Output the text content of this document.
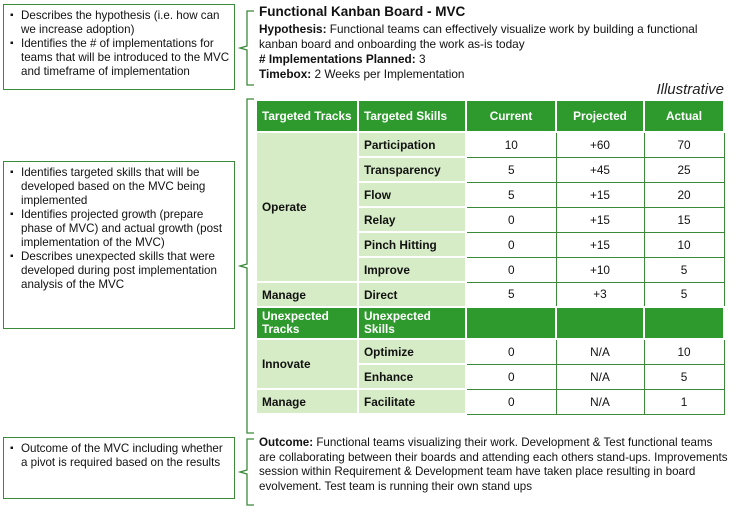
▪ Describes the hypothesis (i.e. how can we increase adoption)
▪ Identifies the # of implementations for teams that will be introduced to the MVC and timeframe of implementation
▪ Identifies targeted skills that will be developed based on the MVC being implemented
▪ Identifies projected growth (prepare phase of MVC) and actual growth (post implementation of the MVC)
▪ Describes unexpected skills that were developed during post implementation analysis of the MVC
▪ Outcome of the MVC including whether a pivot is required based on the results
Functional Kanban Board - MVC
Hypothesis: Functional teams can effectively visualize work by building a functional kanban board and onboarding the work as-is today
# Implementations Planned: 3
Timebox: 2 Weeks per Implementation
Illustrative
Targeted Tracks	Targeted Skills	Current	Projected	Actual
Operate	Participation	10	+60	70
	Transparency	5	+45	25
	Flow	5	+15	20
	Relay	0	+15	15
	Pinch Hitting	0	+15	10
	Improve	0	+10	5
Manage	Direct	5	+3	5
Unexpected Tracks	Unexpected Skills			
Innovate	Optimize	0	N/A	10
	Enhance	0	N/A	5
Manage	Facilitate	0	N/A	1
Outcome: Functional teams visualizing their work. Development & Test functional teams are collaborating between their boards and attending each others stand-ups. Improvements session within Requirement & Development team have taken place resulting in board evolvement. Test team is running their own stand ups
